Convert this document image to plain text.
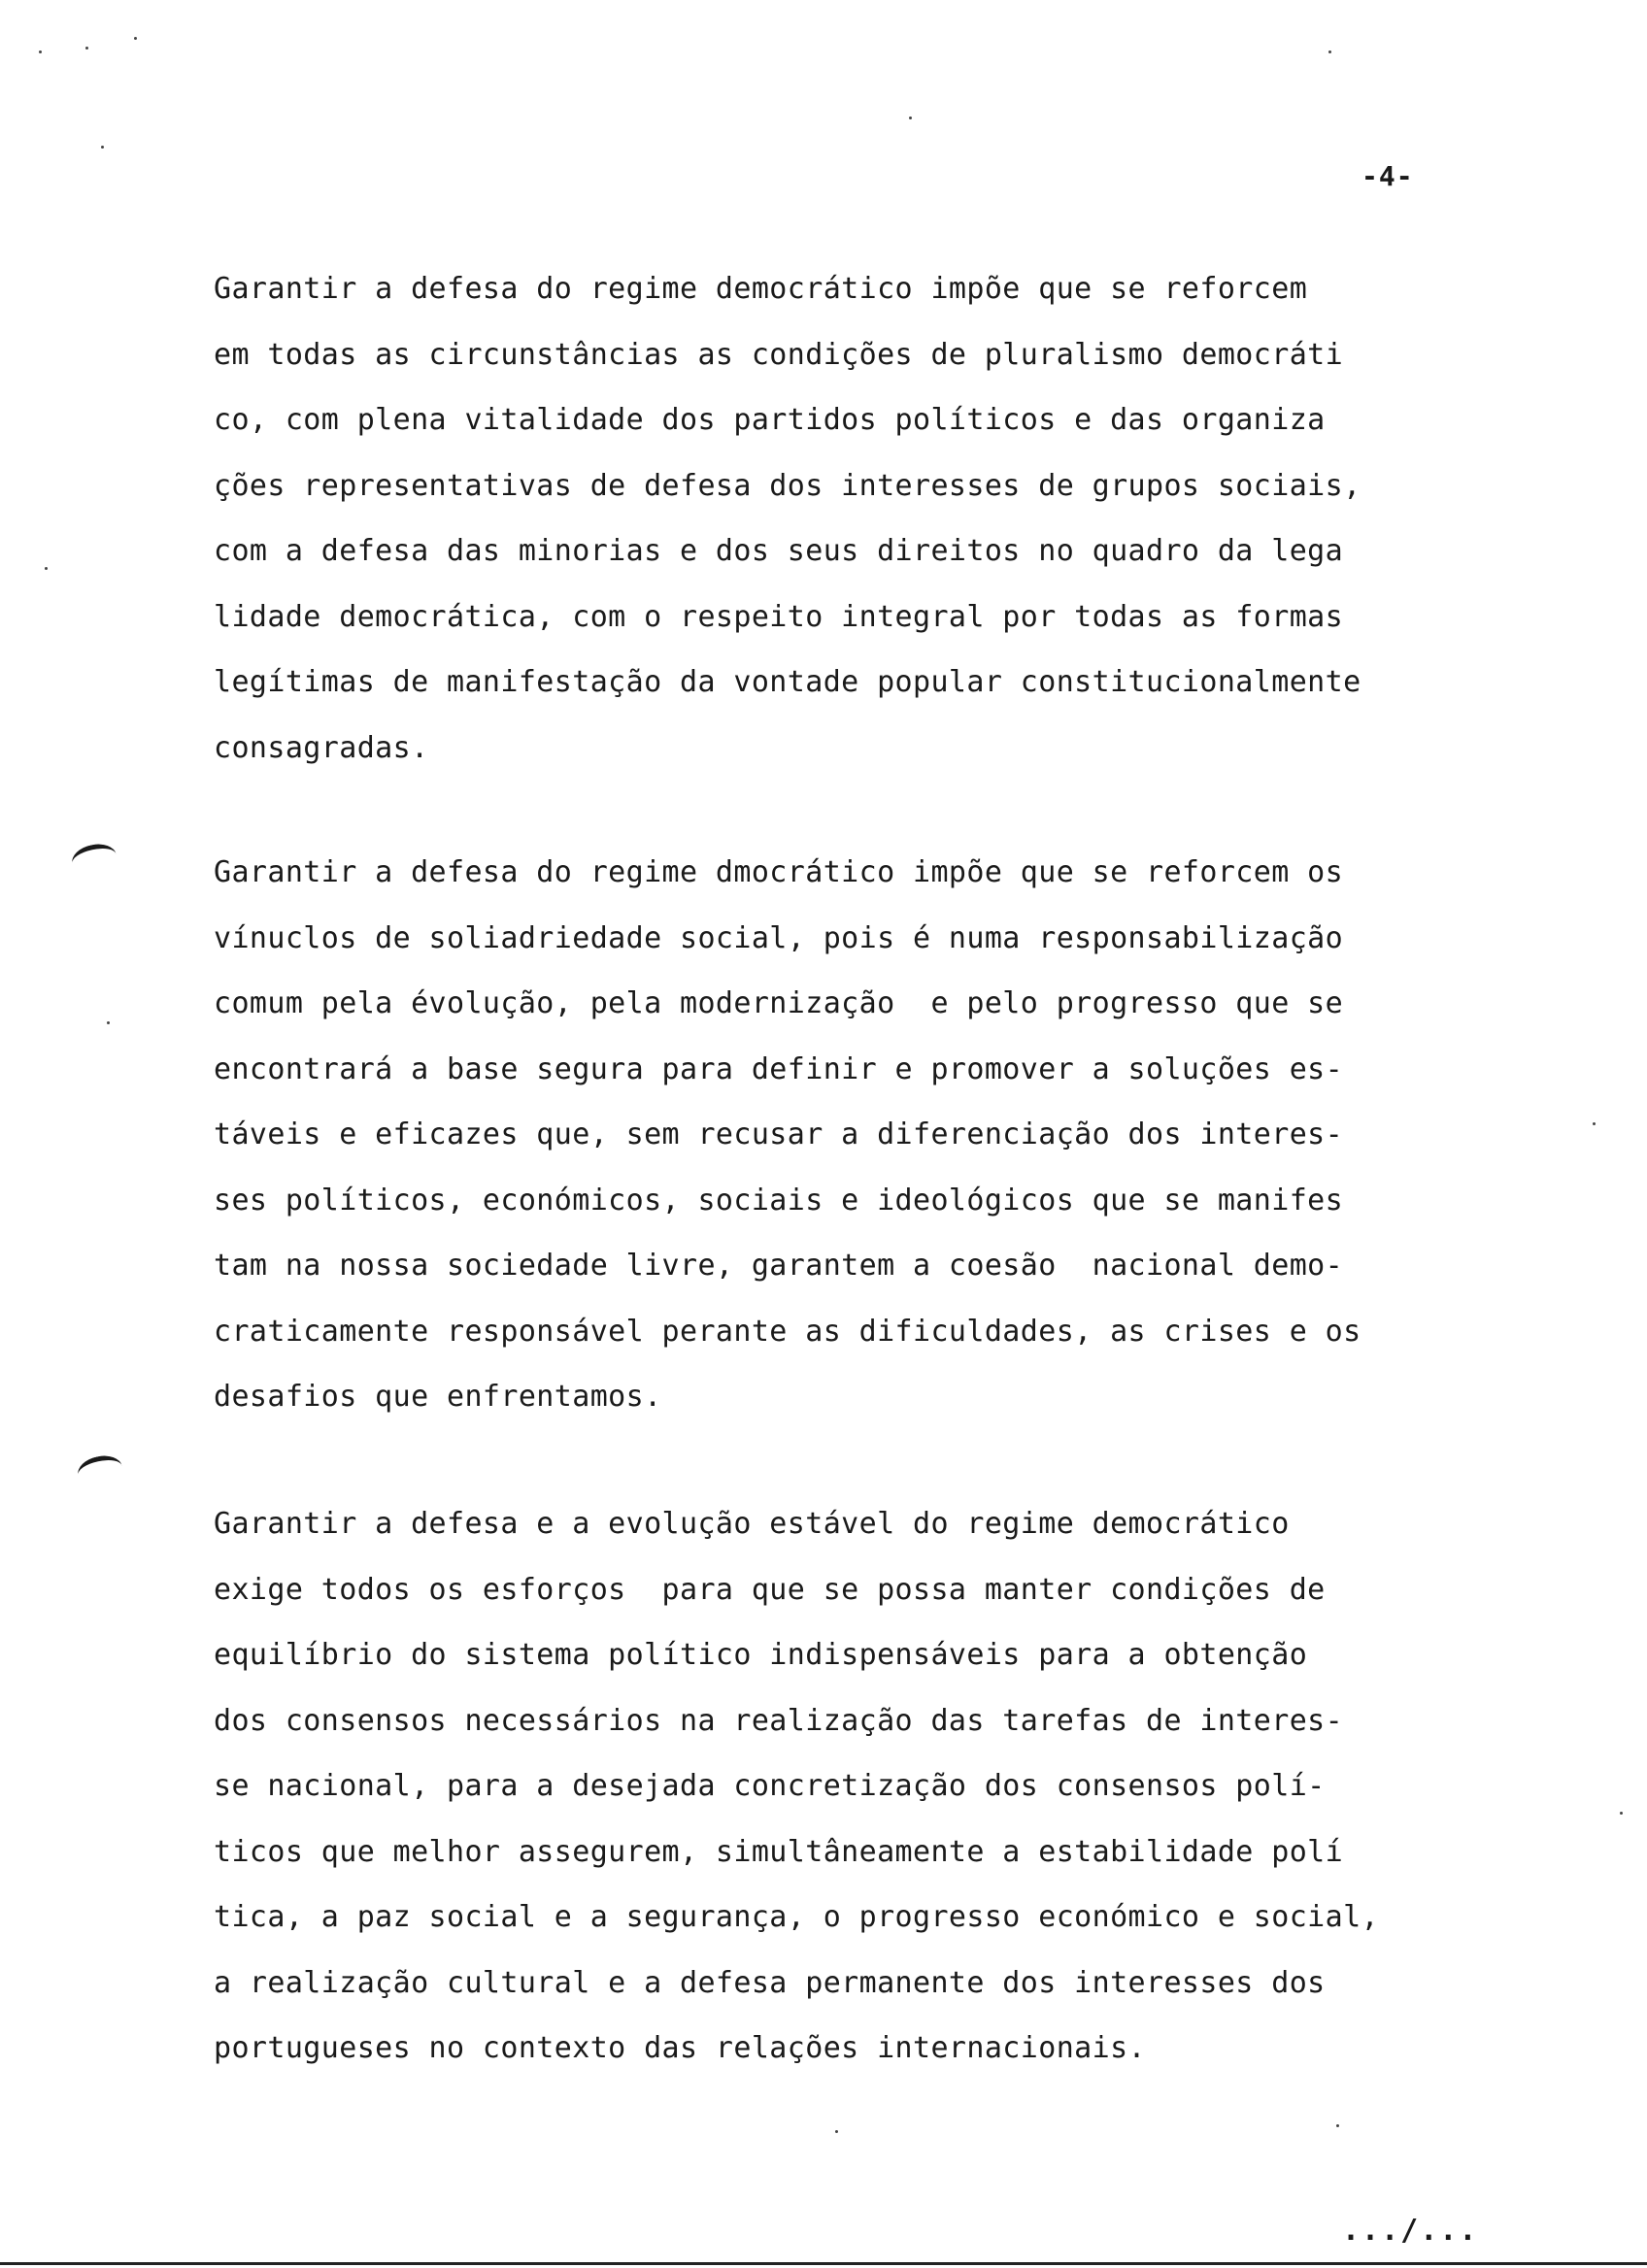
-4-
Garantir a defesa do regime democrático impõe que se reforcem
em todas as circunstâncias as condições de pluralismo democráti
co, com plena vitalidade dos partidos políticos e das organiza
ções representativas de defesa dos interesses de grupos sociais,
com a defesa das minorias e dos seus direitos no quadro da lega
lidade democrática, com o respeito integral por todas as formas
legítimas de manifestação da vontade popular constitucionalmente
consagradas.
Garantir a defesa do regime dmocrático impõe que se reforcem os
vínuclos de soliadriedade social, pois é numa responsabilização
comum pela évolução, pela modernização  e pelo progresso que se
encontrará a base segura para definir e promover a soluções es-
táveis e eficazes que, sem recusar a diferenciação dos interes-
ses políticos, económicos, sociais e ideológicos que se manifes
tam na nossa sociedade livre, garantem a coesão  nacional demo-
craticamente responsável perante as dificuldades, as crises e os
desafios que enfrentamos.
Garantir a defesa e a evolução estável do regime democrático
exige todos os esforços  para que se possa manter condições de
equilíbrio do sistema político indispensáveis para a obtenção
dos consensos necessários na realização das tarefas de interes-
se nacional, para a desejada concretização dos consensos polí-
ticos que melhor assegurem, simultâneamente a estabilidade polí
tica, a paz social e a segurança, o progresso económico e social,
a realização cultural e a defesa permanente dos interesses dos
portugueses no contexto das relações internacionais.
.../...
